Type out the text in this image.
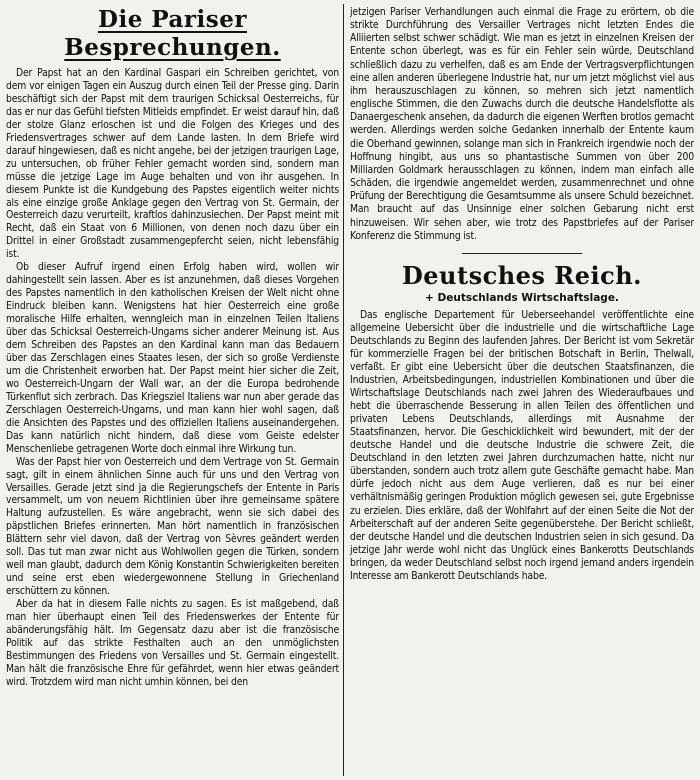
Die Pariser Besprechungen.

Der Papst hat an den Kardinal Gaspari ein Schreiben gerichtet, von dem vor einigen Tagen ein Auszug durch einen Teil der Presse ging. Darin beschäftigt sich der Papst mit dem traurigen Schicksal Oesterreichs, für das er nur das Gefühl tiefsten Mitleids empfindet. Er weist darauf hin, daß der stolze Glanz erloschen ist und die Folgen des Krieges und des Friedensvertrages schwer auf dem Lande lasten. In dem Briefe wird darauf hingewiesen, daß es nicht angehe, bei der jetzigen traurigen Lage, zu untersuchen, ob früher Fehler gemacht worden sind, sondern man müsse die jetzige Lage im Auge behalten und von ihr ausgehen. In diesem Punkte ist die Kundgebung des Papstes eigentlich weiter nichts als eine einzige große Anklage gegen den Vertrag von St. Germain, der Oesterreich dazu verurteilt, kraftlos dahinzusiechen. Der Papst meint mit Recht, daß ein Staat von 6 Millionen, von denen noch dazu über ein Drittel in einer Großstadt zusammengepfercht seien, nicht lebensfähig ist.

Ob dieser Aufruf irgend einen Erfolg haben wird, wollen wir dahingestellt sein lassen. Aber es ist anzunehmen, daß dieses Vorgehen des Papstes namentlich in den katholischen Kreisen der Welt nicht ohne Eindruck bleiben kann. Wenigstens hat hier Oesterreich eine große moralische Hilfe erhalten, wenngleich man in einzelnen Teilen Italiens über das Schicksal Oesterreich-Ungarns sicher anderer Meinung ist. Aus dem Schreiben des Papstes an den Kardinal kann man das Bedauern über das Zerschlagen eines Staates lesen, der sich so große Verdienste um die Christenheit erworben hat. Der Papst meint hier sicher die Zeit, wo Oesterreich-Ungarn der Wall war, an der die Europa bedrohende Türkenflut sich zerbrach. Das Kriegsziel Italiens war nun aber gerade das Zerschlagen Oesterreich-Ungarns, und man kann hier wohl sagen, daß die Ansichten des Papstes und des offiziellen Italiens auseinandergehen. Das kann natürlich nicht hindern, daß diese vom Geiste edelster Menschenliebe getragenen Worte doch einmal ihre Wirkung tun.

Was der Papst hier von Oesterreich und dem Vertrage von St. Germain sagt, gilt in einem ähnlichen Sinne auch für uns und den Vertrag von Versailles. Gerade jetzt sind ja die Regierungschefs der Entente in Paris versammelt, um von neuem Richtlinien über ihre gemeinsame spätere Haltung aufzustellen. Es wäre angebracht, wenn sie sich dabei des päpstlichen Briefes erinnerten. Man hört namentlich in französischen Blättern sehr viel davon, daß der Vertrag von Sèvres geändert werden soll. Das tut man zwar nicht aus Wohlwollen gegen die Türken, sondern weil man glaubt, dadurch dem König Konstantin Schwierigkeiten bereiten und seine erst eben wiedergewonnene Stellung in Griechenland erschüttern zu können.

Aber da hat in diesem Falle nichts zu sagen. Es ist maßgebend, daß man hier überhaupt einen Teil des Friedenswerkes der Entente für abänderungsfähig hält. Im Gegensatz dazu aber ist die französische Politik auf das strikte Festhalten auch an den unmöglichsten Bestimmungen des Friedens von Versailles und St. Germain eingestellt. Man hält die französische Ehre für gefährdet, wenn hier etwas geändert wird. Trotzdem wird man nicht umhin können, bei den

jetzigen Pariser Verhandlungen auch einmal die Frage zu erörtern, ob die strikte Durchführung des Versailler Vertrages nicht letzten Endes die Alliierten selbst schwer schädigt. Wie man es jetzt in einzelnen Kreisen der Entente schon überlegt, was es für ein Fehler sein würde, Deutschland schließlich dazu zu verhelfen, daß es am Ende der Vertragsverpflichtungen eine allen anderen überlegene Industrie hat, nur um jetzt möglichst viel aus ihm herauszuschlagen zu können, so mehren sich jetzt namentlich englische Stimmen, die den Zuwachs durch die deutsche Handelsflotte als Danaergeschenk ansehen, da dadurch die eigenen Werften brotlos gemacht werden. Allerdings werden solche Gedanken innerhalb der Entente kaum die Oberhand gewinnen, solange man sich in Frankreich irgendwie noch der Hoffnung hingibt, aus uns so phantastische Summen von über 200 Milliarden Goldmark herausschlagen zu können, indem man einfach alle Schäden, die irgendwie angemeldet werden, zusammenrechnet und ohne Prüfung der Berechtigung die Gesamtsumme als unsere Schuld bezeichnet. Man braucht auf das Unsinnige einer solchen Gebarung nicht erst hinzuweisen. Wir sehen aber, wie trotz des Papstbriefes auf der Pariser Konferenz die Stimmung ist.

Deutsches Reich.
+ Deutschlands Wirtschaftslage.

Das englische Departement für Ueberseehandel veröffentlichte eine allgemeine Uebersicht über die industrielle und die wirtschaftliche Lage Deutschlands zu Beginn des laufenden Jahres. Der Bericht ist vom Sekretär für kommerzielle Fragen bei der britischen Botschaft in Berlin, Thelwall, verfaßt. Er gibt eine Uebersicht über die deutschen Staatsfinanzen, die Industrien, Arbeitsbedingungen, industriellen Kombinationen und über die Wirtschaftslage Deutschlands nach zwei Jahren des Wiederaufbaues und hebt die überraschende Besserung in allen Teilen des öffentlichen und privaten Lebens Deutschlands, allerdings mit Ausnahme der Staatsfinanzen, hervor. Die Geschicklichkeit wird bewundert, mit der der deutsche Handel und die deutsche Industrie die schwere Zeit, die Deutschland in den letzten zwei Jahren durchzumachen hatte, nicht nur überstanden, sondern auch trotz allem gute Geschäfte gemacht habe. Man dürfe jedoch nicht aus dem Auge verlieren, daß es nur bei einer verhältnismäßig geringen Produktion möglich gewesen sei, gute Ergebnisse zu erzielen. Dies erkläre, daß der Wohlfahrt auf der einen Seite die Not der Arbeiterschaft auf der anderen Seite gegenüberstehe. Der Bericht schließt, der deutsche Handel und die deutschen Industrien seien in sich gesund. Da jetzige Jahr werde wohl nicht das Unglück eines Bankerotts Deutschlands bringen, da weder Deutschland selbst noch irgend jemand anders irgendein Interesse am Bankerott Deutschlands habe.
